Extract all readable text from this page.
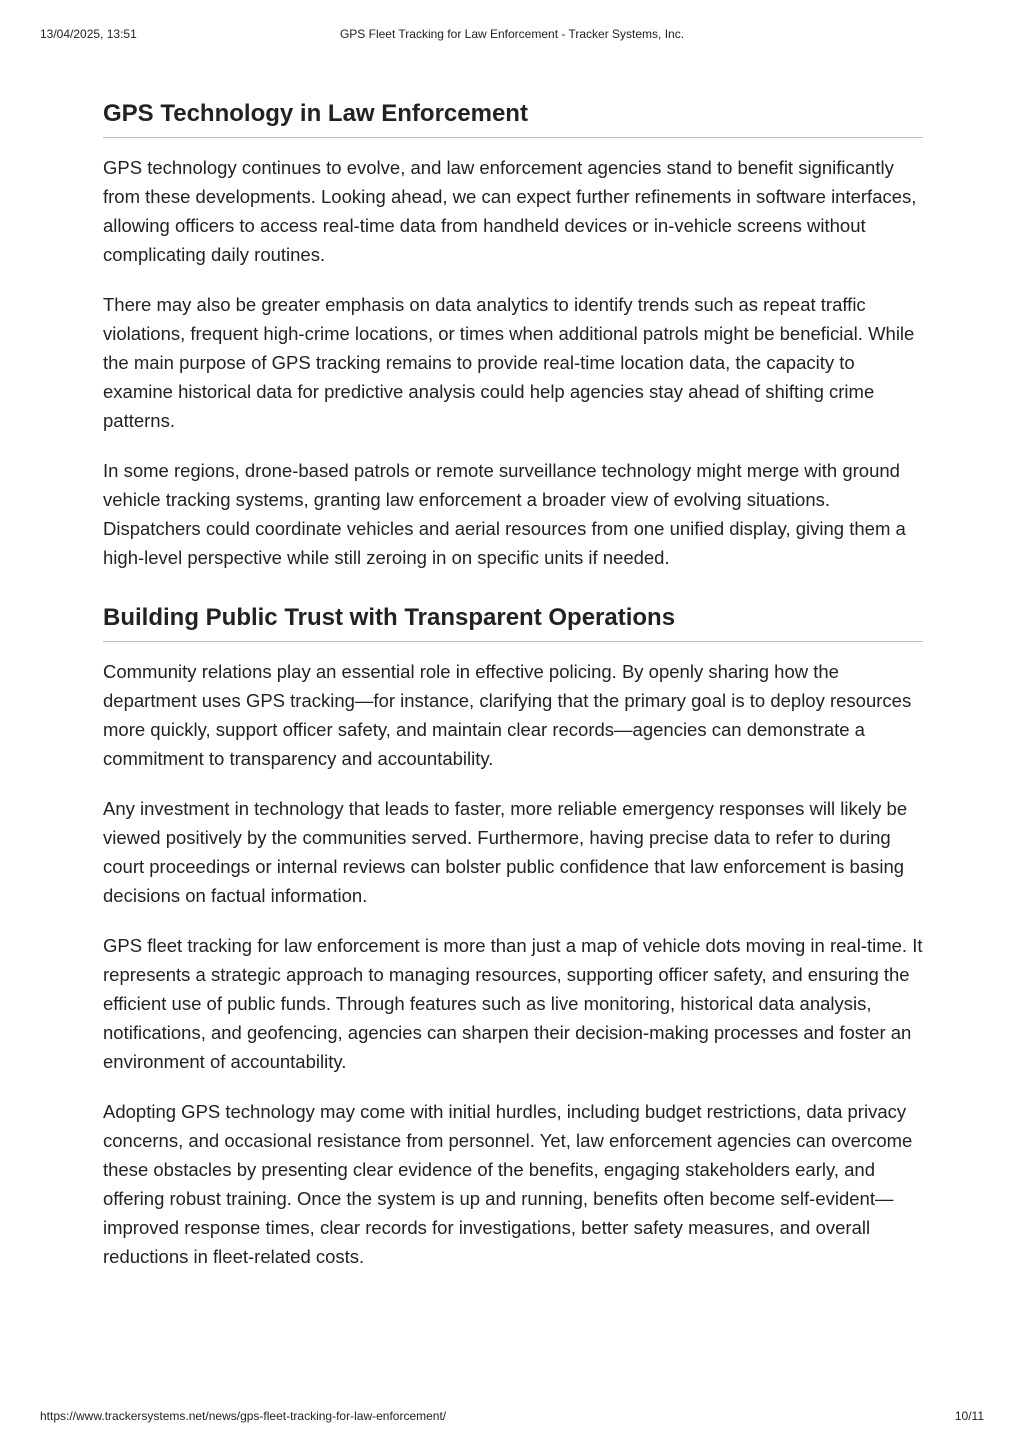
13/04/2025, 13:51	GPS Fleet Tracking for Law Enforcement - Tracker Systems, Inc.
GPS Technology in Law Enforcement

GPS technology continues to evolve, and law enforcement agencies stand to benefit significantly from these developments. Looking ahead, we can expect further refinements in software interfaces, allowing officers to access real-time data from handheld devices or in-vehicle screens without complicating daily routines.

There may also be greater emphasis on data analytics to identify trends such as repeat traffic violations, frequent high-crime locations, or times when additional patrols might be beneficial. While the main purpose of GPS tracking remains to provide real-time location data, the capacity to examine historical data for predictive analysis could help agencies stay ahead of shifting crime patterns.

In some regions, drone-based patrols or remote surveillance technology might merge with ground vehicle tracking systems, granting law enforcement a broader view of evolving situations. Dispatchers could coordinate vehicles and aerial resources from one unified display, giving them a high-level perspective while still zeroing in on specific units if needed.

Building Public Trust with Transparent Operations

Community relations play an essential role in effective policing. By openly sharing how the department uses GPS tracking—for instance, clarifying that the primary goal is to deploy resources more quickly, support officer safety, and maintain clear records—agencies can demonstrate a commitment to transparency and accountability.

Any investment in technology that leads to faster, more reliable emergency responses will likely be viewed positively by the communities served. Furthermore, having precise data to refer to during court proceedings or internal reviews can bolster public confidence that law enforcement is basing decisions on factual information.

GPS fleet tracking for law enforcement is more than just a map of vehicle dots moving in real-time. It represents a strategic approach to managing resources, supporting officer safety, and ensuring the efficient use of public funds. Through features such as live monitoring, historical data analysis, notifications, and geofencing, agencies can sharpen their decision-making processes and foster an environment of accountability.

Adopting GPS technology may come with initial hurdles, including budget restrictions, data privacy concerns, and occasional resistance from personnel. Yet, law enforcement agencies can overcome these obstacles by presenting clear evidence of the benefits, engaging stakeholders early, and offering robust training. Once the system is up and running, benefits often become self-evident—improved response times, clear records for investigations, better safety measures, and overall reductions in fleet-related costs.

https://www.trackersystems.net/news/gps-fleet-tracking-for-law-enforcement/	10/11
